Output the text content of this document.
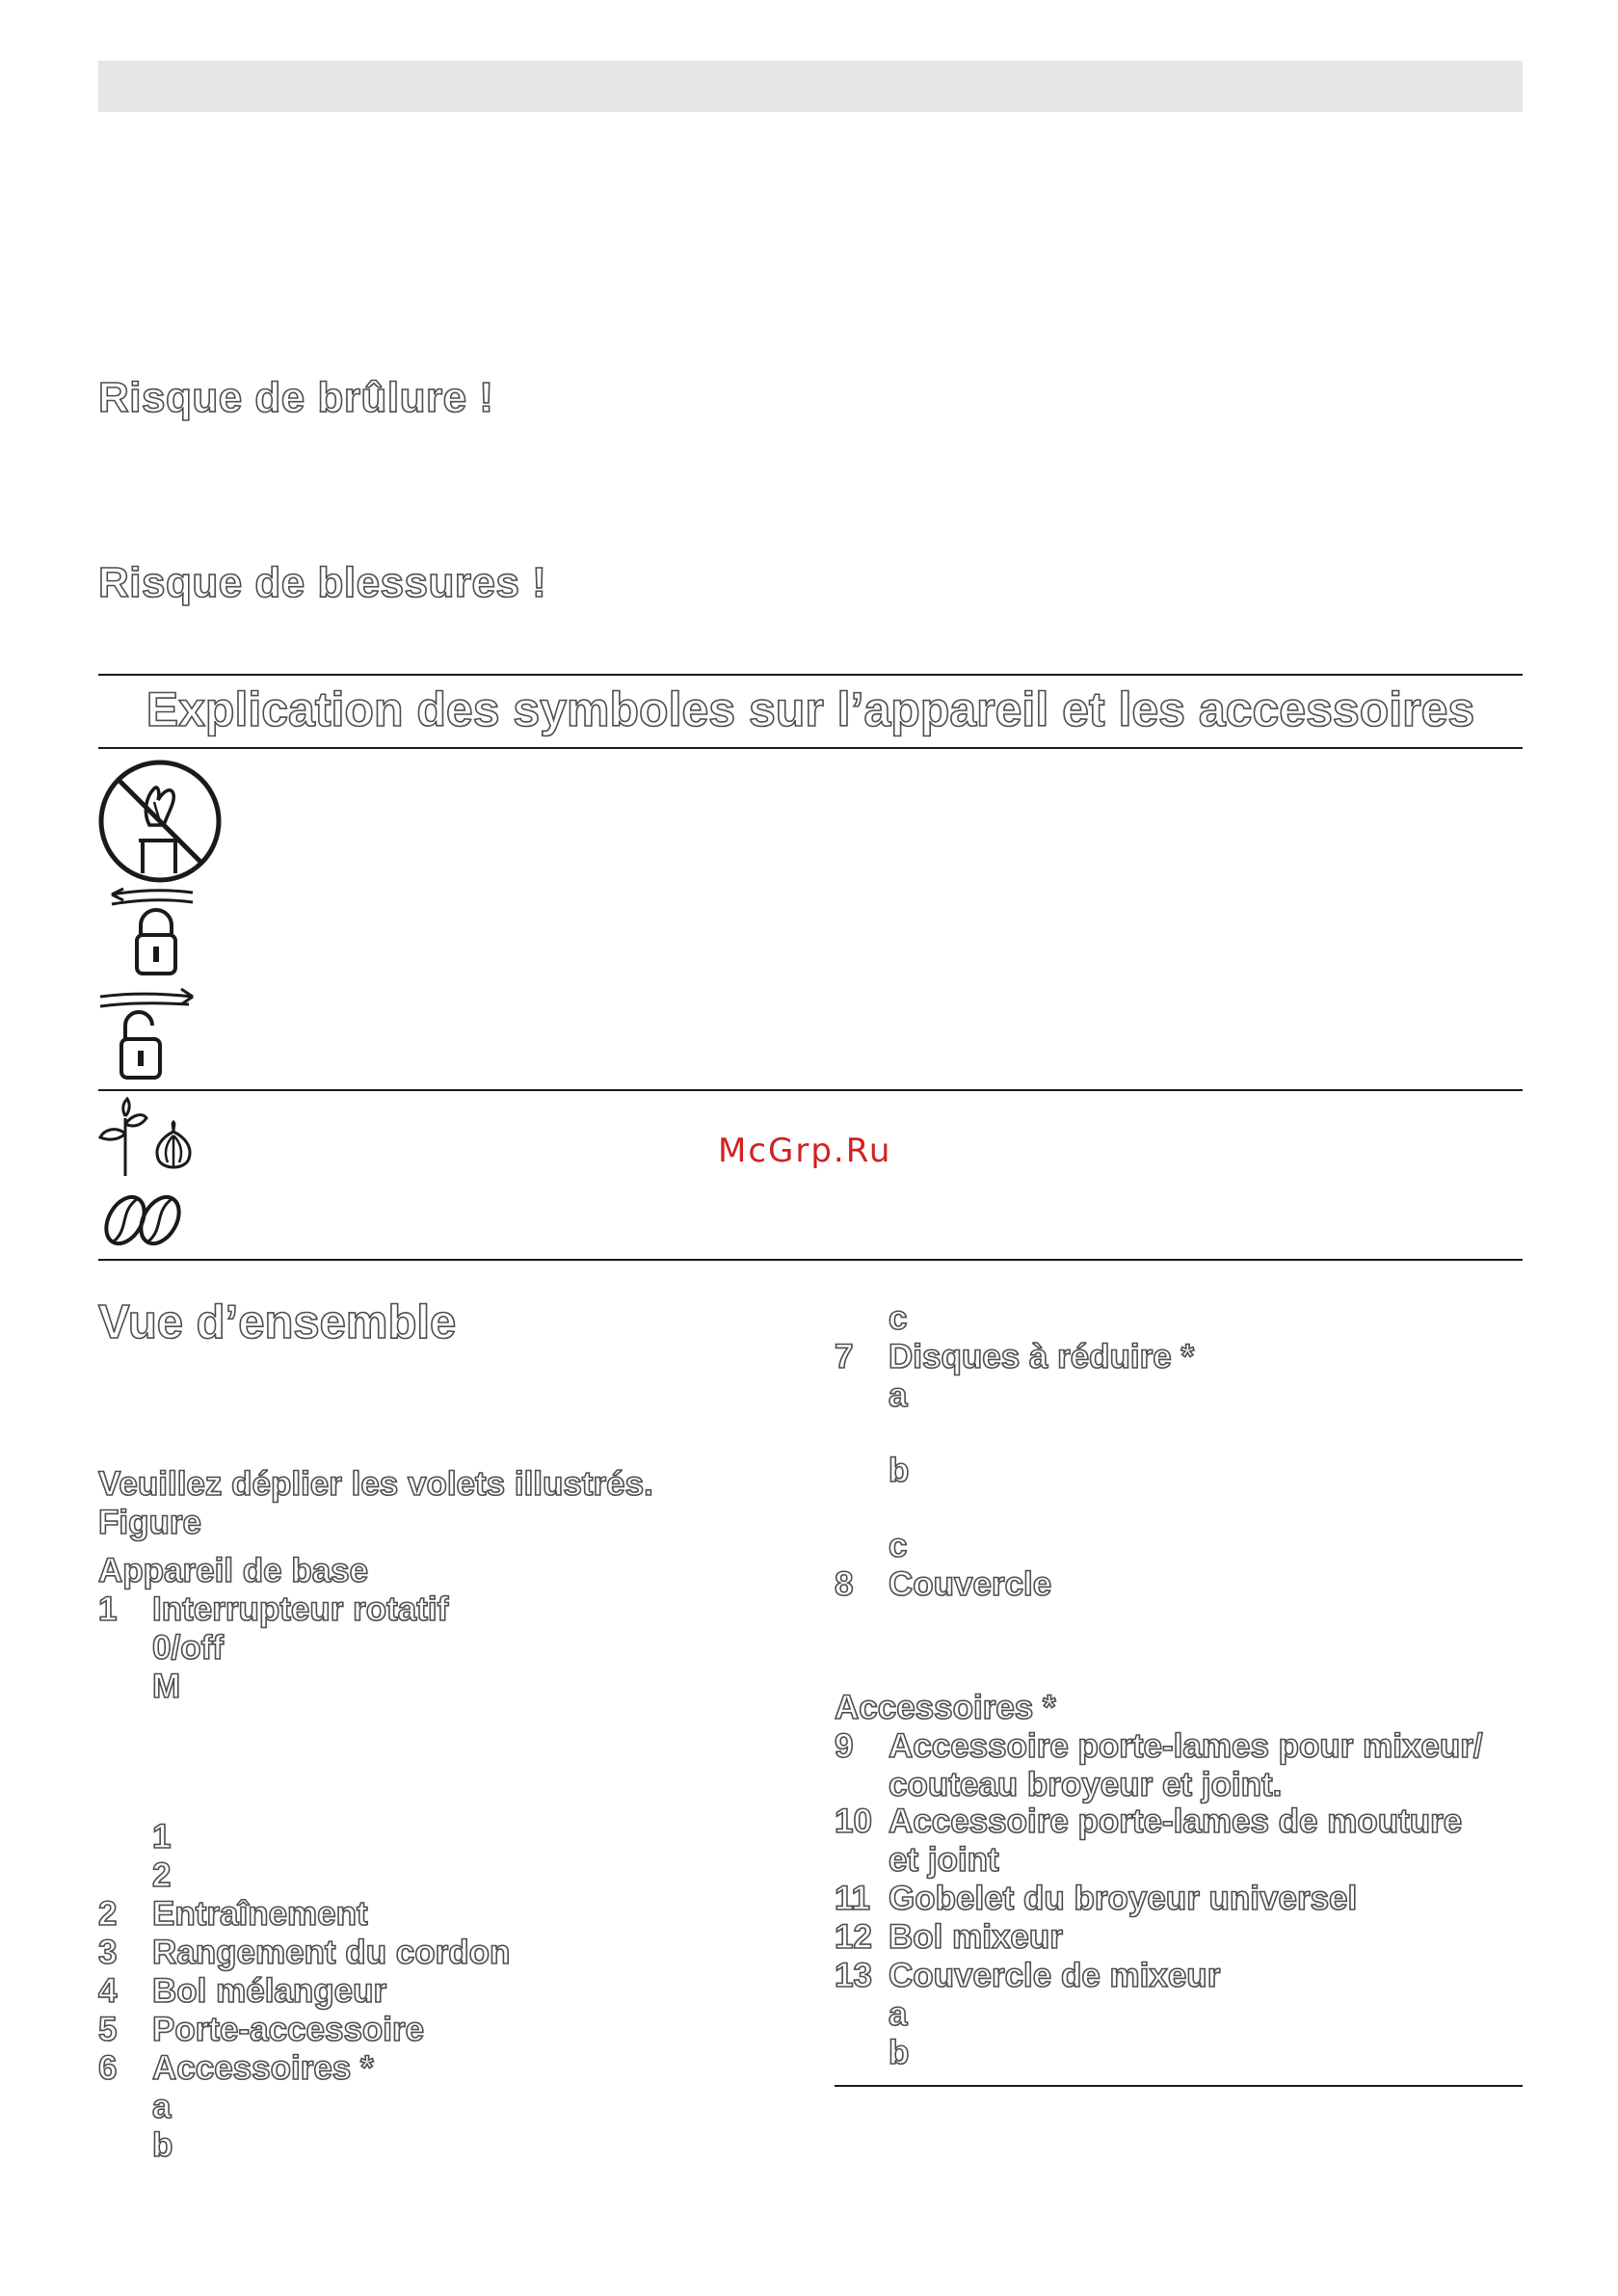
Risque de brûlure !
Risque de blessures !
Explication des symboles sur l’appareil et les accessoires
McGrp.Ru
Vue d’ensemble
Veuillez déplier les volets illustrés.
Figure
Appareil de base
1 Interrupteur rotatif
0/off
M
1
2
2 Entraînement
3 Rangement du cordon
4 Bol mélangeur
5 Porte-accessoire
6 Accessoires *
a
b
c
7 Disques à réduire *
a
b
c
8 Couvercle
Accessoires *
9 Accessoire porte-lames pour mixeur/
couteau broyeur et joint.
10 Accessoire porte-lames de mouture
et joint
11 Gobelet du broyeur universel
12 Bol mixeur
13 Couvercle de mixeur
a
b
